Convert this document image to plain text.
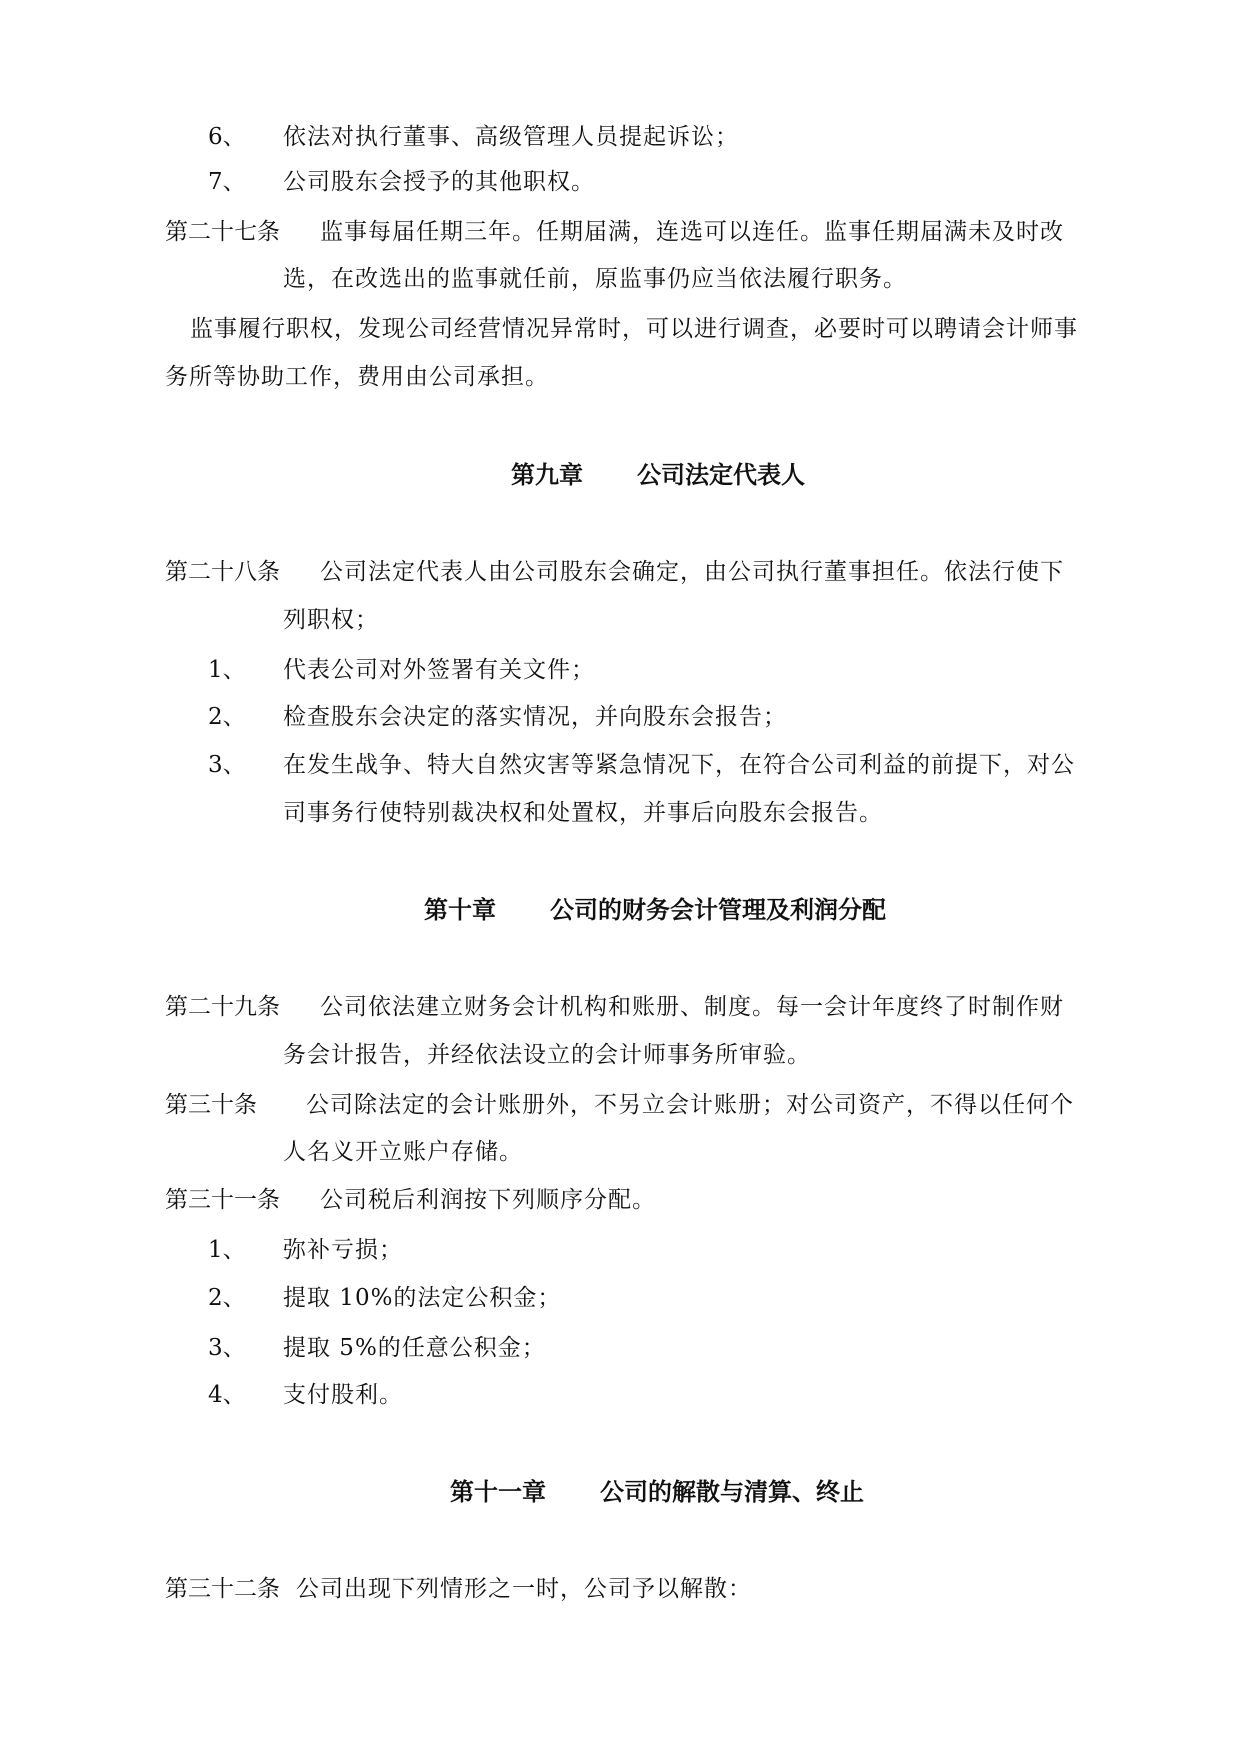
6、 依法对执行董事、高级管理人员提起诉讼；
7、 公司股东会授予的其他职权。
第二十七条 监事每届任期三年。任期届满，连选可以连任。监事任期届满未及时改
选，在改选出的监事就任前，原监事仍应当依法履行职务。
监事履行职权，发现公司经营情况异常时，可以进行调查，必要时可以聘请会计师事
务所等协助工作，费用由公司承担。
第九章 公司法定代表人
第二十八条 公司法定代表人由公司股东会确定，由公司执行董事担任。依法行使下
列职权；
1、 代表公司对外签署有关文件；
2、 检查股东会决定的落实情况，并向股东会报告；
3、 在发生战争、特大自然灾害等紧急情况下，在符合公司利益的前提下，对公
司事务行使特别裁决权和处置权，并事后向股东会报告。
第十章 公司的财务会计管理及利润分配
第二十九条 公司依法建立财务会计机构和账册、制度。每一会计年度终了时制作财
务会计报告，并经依法设立的会计师事务所审验。
第三十条 公司除法定的会计账册外，不另立会计账册；对公司资产，不得以任何个
人名义开立账户存储。
第三十一条 公司税后利润按下列顺序分配。
1、 弥补亏损；
2、 提取 10%的法定公积金；
3、 提取 5%的任意公积金；
4、 支付股利。
第十一章 公司的解散与清算、终止
第三十二条 公司出现下列情形之一时，公司予以解散：
